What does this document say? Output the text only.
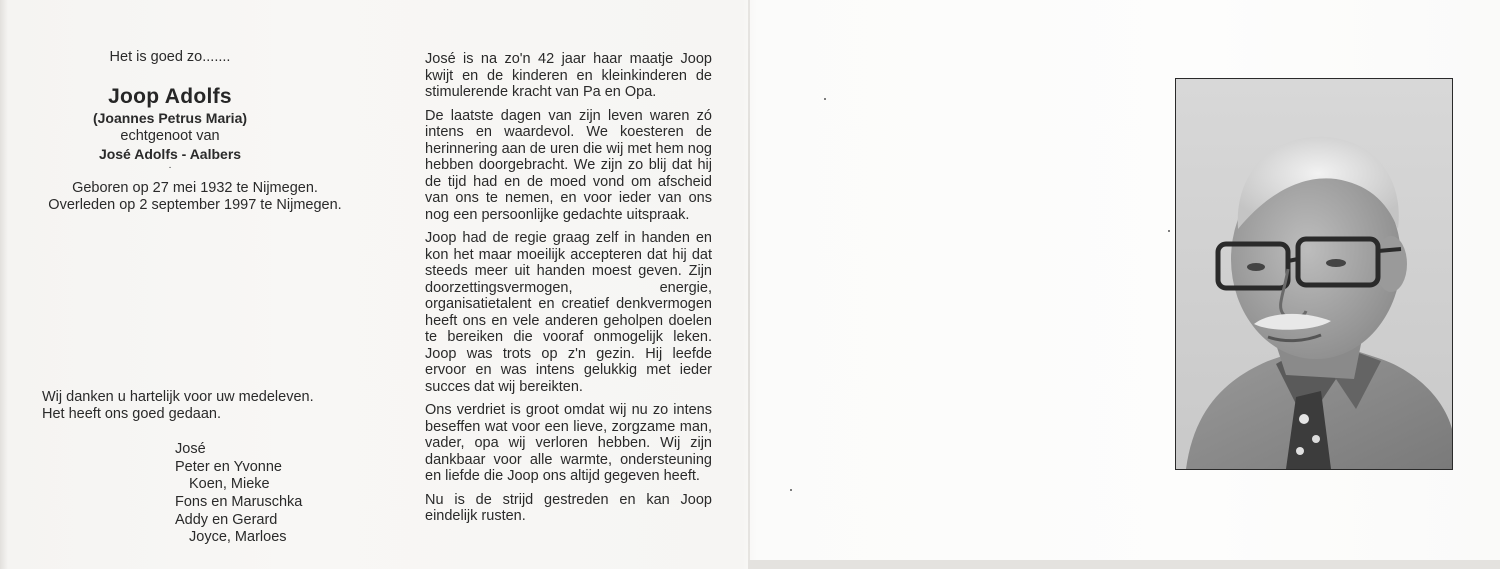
Het is goed zo.......
Joop Adolfs
(Joannes Petrus Maria)
echtgenoot van
José Adolfs - Aalbers
·
Geboren op 27 mei 1932 te Nijmegen.
Overleden op 2 september 1997 te Nijmegen.
Wij danken u hartelijk voor uw medeleven.
Het heeft ons goed gedaan.
José
Peter en Yvonne
Koen, Mieke
Fons en Maruschka
Addy en Gerard
Joyce, Marloes

José is na zo'n 42 jaar haar maatje Joop kwijt en de kinderen en kleinkinderen de stimulerende kracht van Pa en Opa.

De laatste dagen van zijn leven waren zó intens en waardevol. We koesteren de herinnering aan de uren die wij met hem nog hebben doorgebracht. We zijn zo blij dat hij de tijd had en de moed vond om afscheid van ons te nemen, en voor ieder van ons nog een persoonlijke gedachte uitspraak.

Joop had de regie graag zelf in handen en kon het maar moeilijk accepteren dat hij dat steeds meer uit handen moest geven. Zijn doorzettingsvermogen, energie, organisatietalent en creatief denkvermogen heeft ons en vele anderen geholpen doelen te bereiken die vooraf onmogelijk leken. Joop was trots op z'n gezin. Hij leefde ervoor en was intens gelukkig met ieder succes dat wij bereikten.

Ons verdriet is groot omdat wij nu zo intens beseffen wat voor een lieve, zorgzame man, vader, opa wij verloren hebben. Wij zijn dankbaar voor alle warmte, ondersteuning en liefde die Joop ons altijd gegeven heeft.

Nu is de strijd gestreden en kan Joop eindelijk rusten.
